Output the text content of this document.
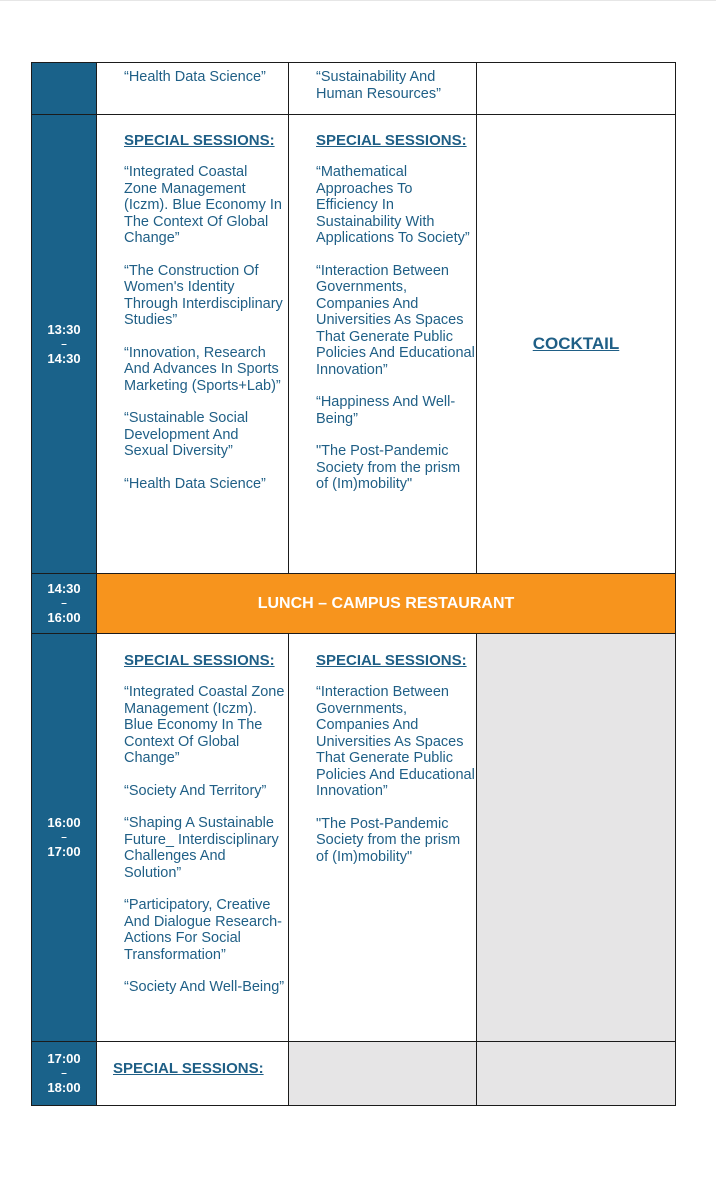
“Health Data Science”	“Sustainability And Human Resources”
13:30
–
14:30
SPECIAL SESSIONS:
“Integrated Coastal Zone Management (Iczm). Blue Economy In The Context Of Global Change”
“The Construction Of Women's Identity Through Interdisciplinary Studies”
“Innovation, Research And Advances In Sports Marketing (Sports+Lab)”
“Sustainable Social Development And Sexual Diversity”
“Health Data Science”
SPECIAL SESSIONS:
“Mathematical Approaches To Efficiency In Sustainability With Applications To Society”
“Interaction Between Governments, Companies And Universities As Spaces That Generate Public Policies And Educational Innovation”
“Happiness And Well-Being”
"The Post-Pandemic Society from the prism of (Im)mobility"
COCKTAIL
14:30
–
16:00
LUNCH – CAMPUS RESTAURANT
16:00
–
17:00
SPECIAL SESSIONS:
“Integrated Coastal Zone Management (Iczm). Blue Economy In The Context Of Global Change”
“Society And Territory”
“Shaping A Sustainable Future_ Interdisciplinary Challenges And Solution”
“Participatory, Creative And Dialogue Research-Actions For Social Transformation”
“Society And Well-Being”
SPECIAL SESSIONS:
“Interaction Between Governments, Companies And Universities As Spaces That Generate Public Policies And Educational Innovation”
"The Post-Pandemic Society from the prism of (Im)mobility"
17:00
–
18:00
SPECIAL SESSIONS:
